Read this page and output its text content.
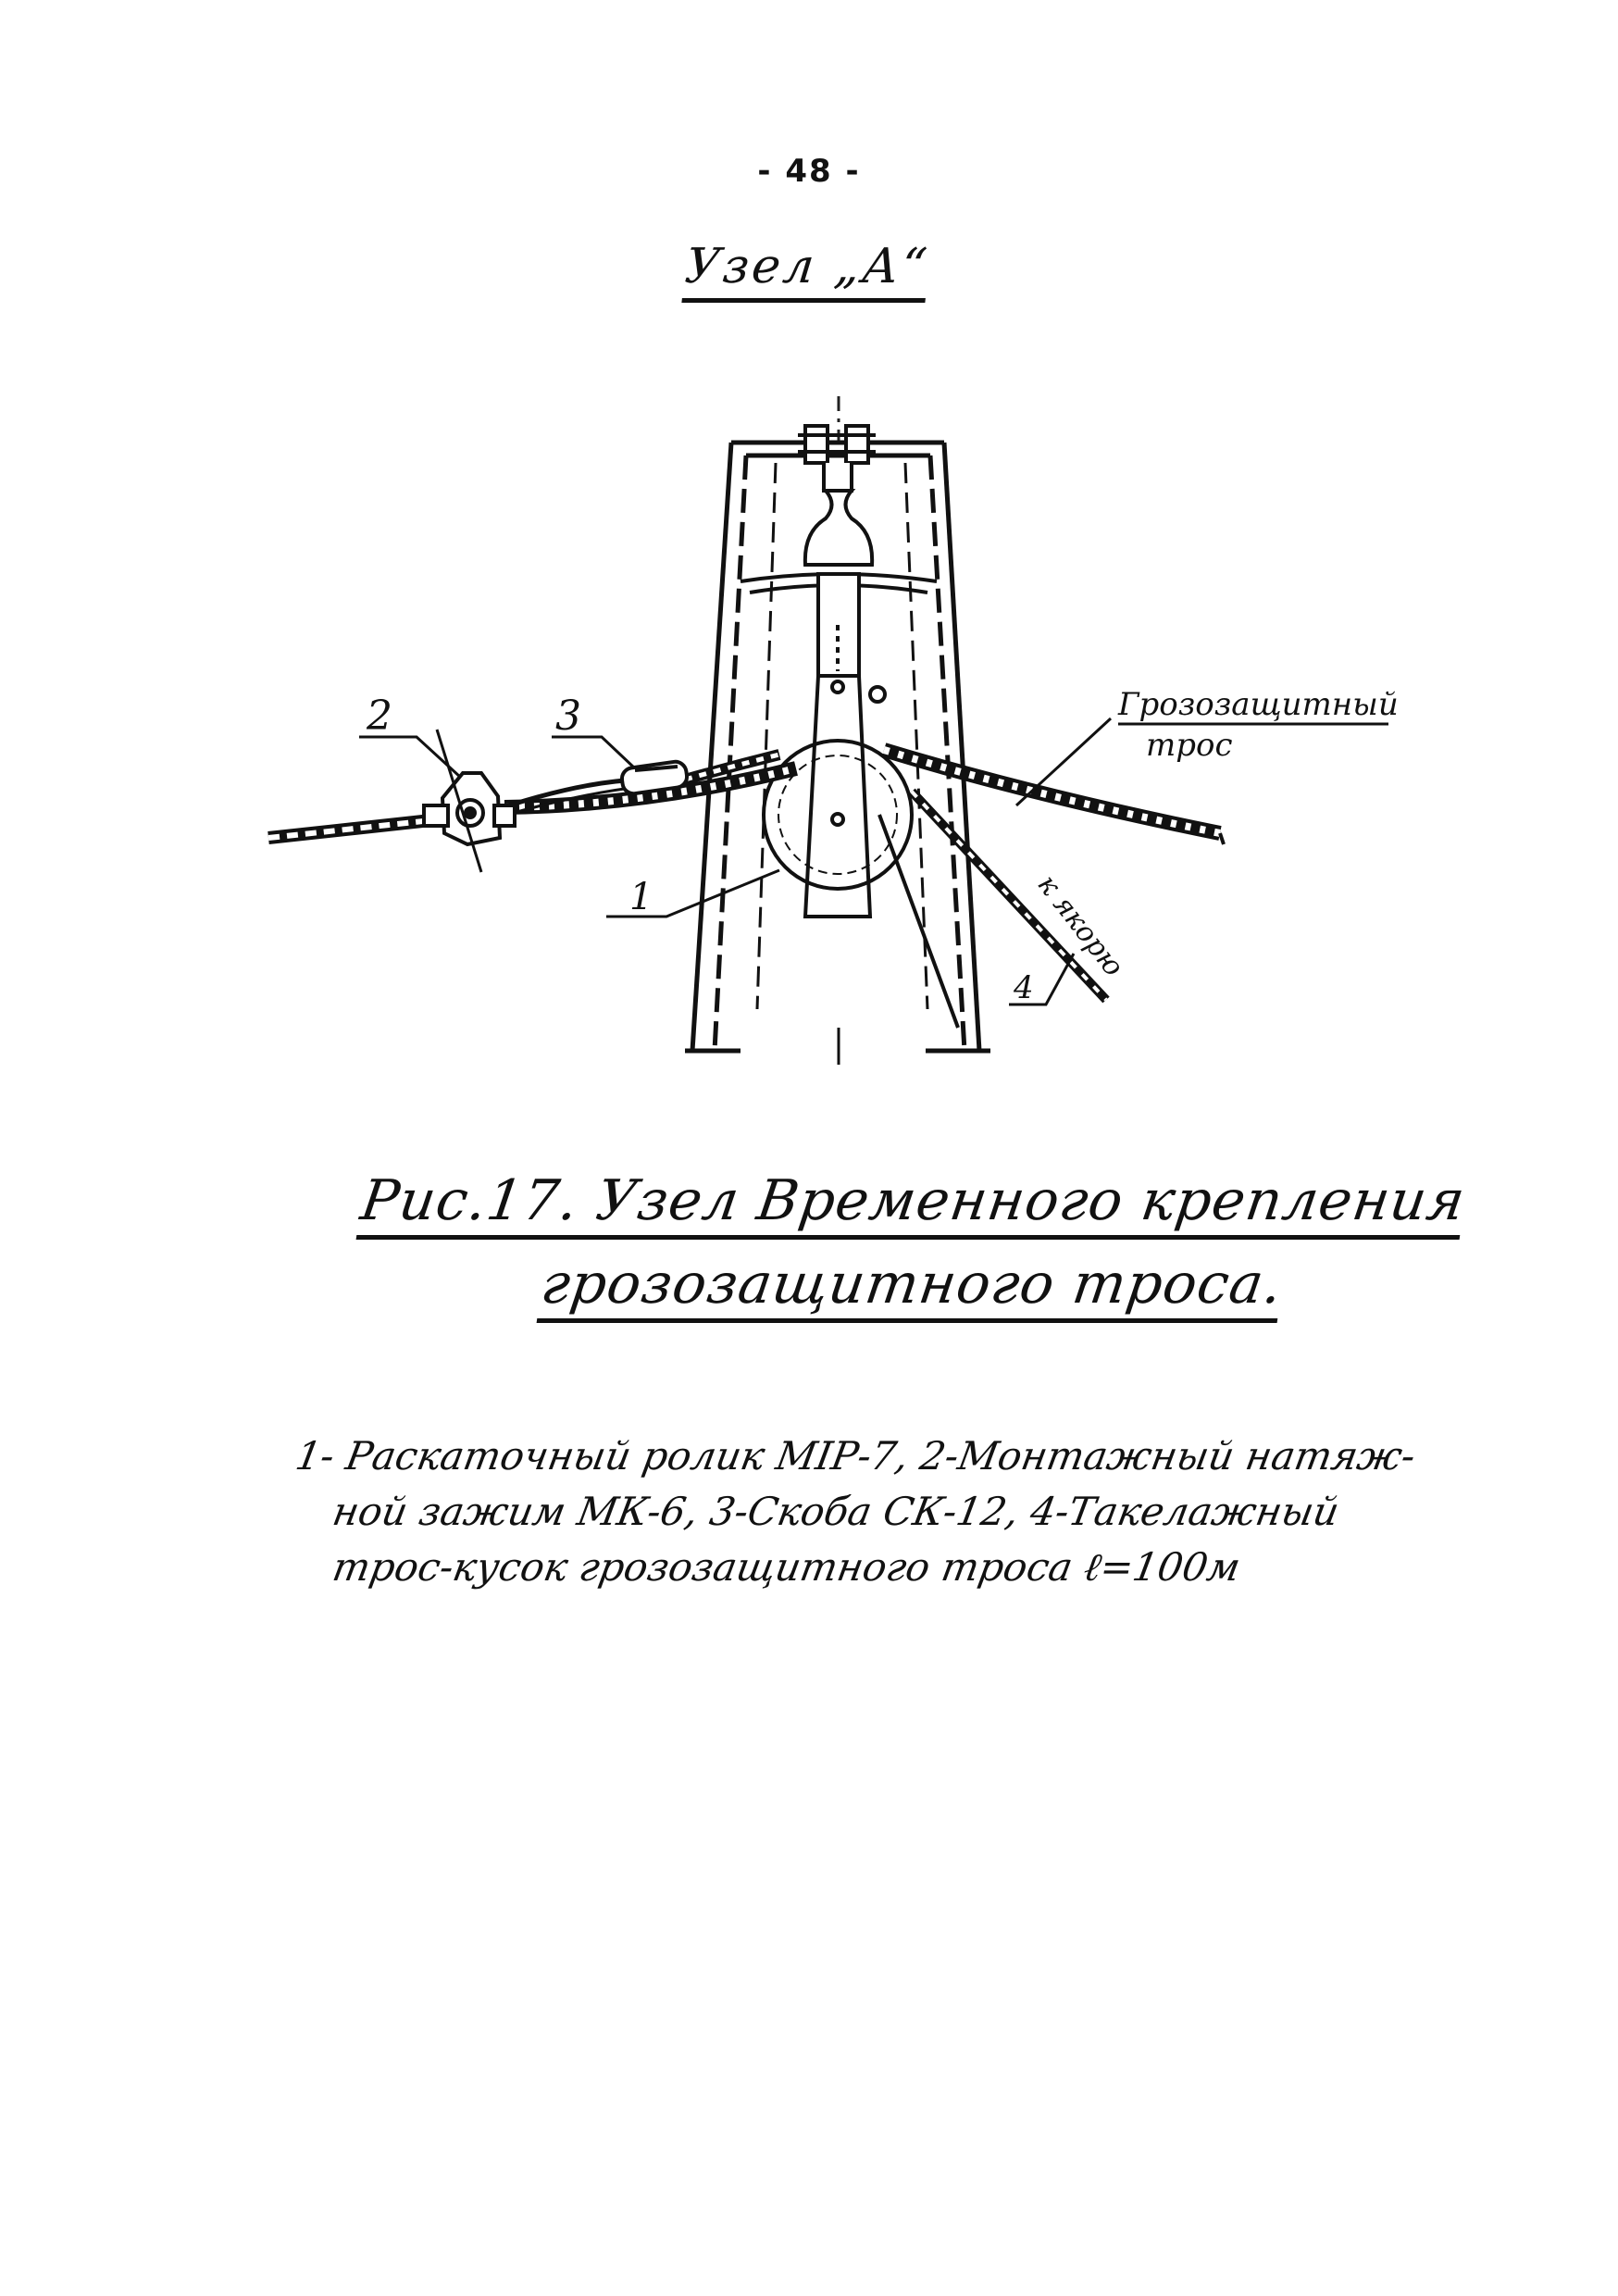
- 48 -
Узел „А“
1
2	3
4
Грозозащитный
трос
к якорю
Рис.17. Узел Временного крепления
грозозащитного троса.
1- Раскаточный ролик МІР-7, 2-Монтажный натяж-
ной зажим МК-6, 3-Скоба СК-12, 4-Такелажный
трос-кусок грозозащитного троса ℓ=100м
